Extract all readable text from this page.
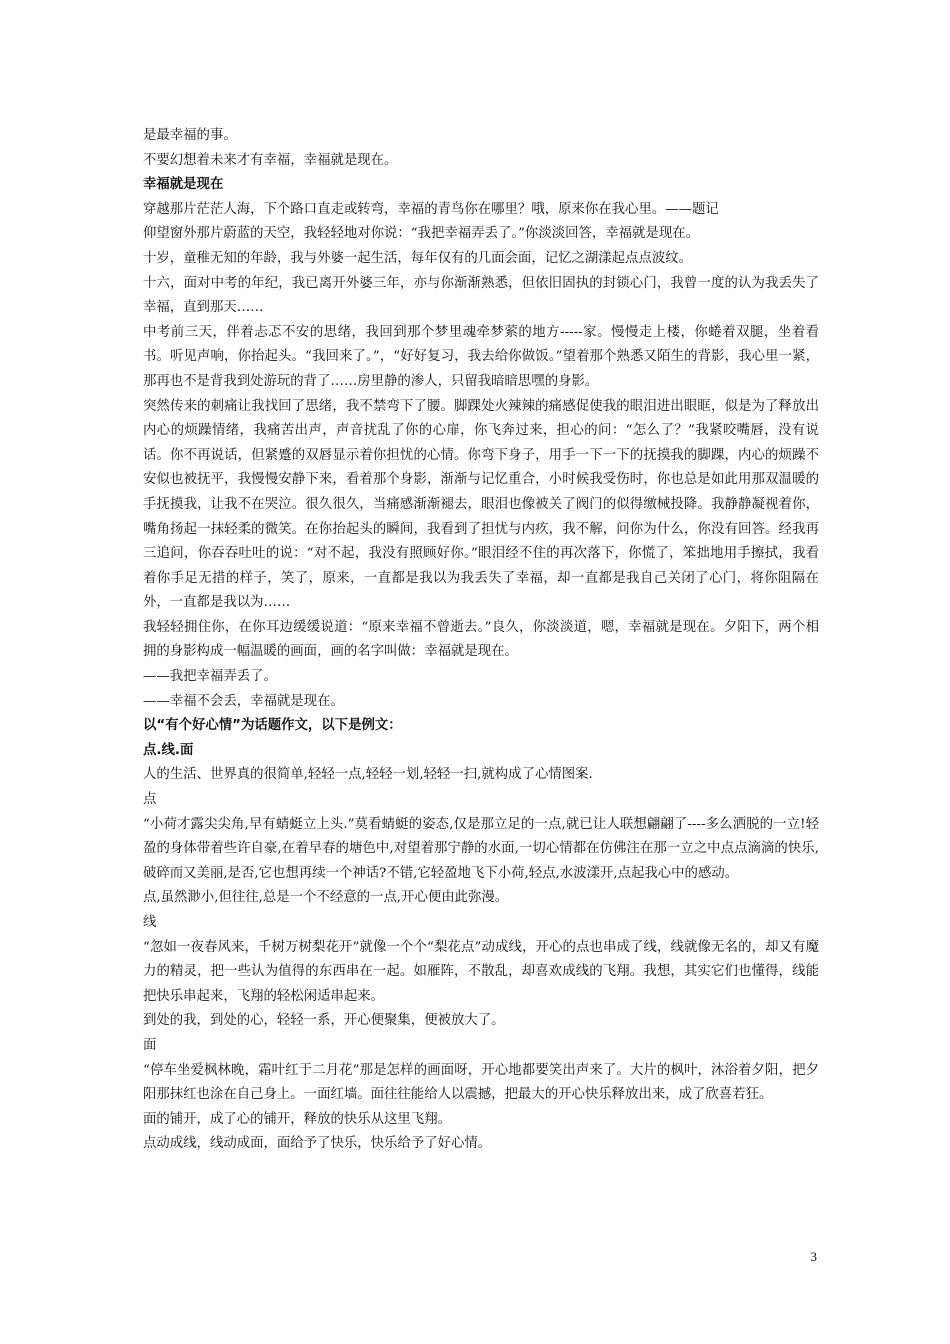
是最幸福的事。

不要幻想着未来才有幸福，幸福就是现在。

幸福就是现在

穿越那片茫茫人海，下个路口直走或转弯，幸福的青鸟你在哪里？哦，原来你在我心里。——题记

仰望窗外那片蔚蓝的天空，我轻轻地对你说：“我把幸福弄丢了。”你淡淡回答，幸福就是现在。

十岁，童稚无知的年龄，我与外婆一起生活，每年仅有的几面会面，记忆之湖漾起点点波纹。

十六，面对中考的年纪，我已离开外婆三年，亦与你渐渐熟悉，但依旧固执的封锁心门，我曾一度的认为我丢失了幸福，直到那天……

中考前三天，伴着忐忑不安的思绪，我回到那个梦里魂牵梦萦的地方-----家。慢慢走上楼，你蜷着双腿，坐着看书。听见声响，你抬起头。“我回来了。”，“好好复习，我去给你做饭。”望着那个熟悉又陌生的背影，我心里一紧，那再也不是背我到处游玩的背了……房里静的渗人，只留我暗暗思嘿的身影。

突然传来的刺痛让我找回了思绪，我不禁弯下了腰。脚踝处火辣辣的痛感促使我的眼泪进出眼眶，似是为了释放出内心的烦躁情绪，我痛苦出声，声音扰乱了你的心扉，你飞奔过来，担心的问：“怎么了？”我紧咬嘴唇，没有说话。你不再说话，但紧蹙的双唇显示着你担忧的心情。你弯下身子，用手一下一下的抚摸我的脚踝，内心的烦躁不安似也被抚平，我慢慢安静下来，看着那个身影，渐渐与记忆重合，小时候我受伤时，你也总是如此用那双温暖的手抚摸我，让我不在哭泣。很久很久，当痛感渐渐褪去，眼泪也像被关了阀门的似得缴械投降。我静静凝视着你，嘴角扬起一抹轻柔的微笑。在你抬起头的瞬间，我看到了担忧与内疚，我不解，问你为什么，你没有回答。经我再三追问，你吞吞吐吐的说：“对不起，我没有照顾好你。”眼泪经不住的再次落下，你慌了，笨拙地用手擦拭，我看着你手足无措的样子，笑了，原来，一直都是我以为我丢失了幸福，却一直都是我自己关闭了心门，将你阻隔在外，一直都是我以为……

我轻轻拥住你，在你耳边缓缓说道：“原来幸福不曾逝去。”良久，你淡淡道，嗯，幸福就是现在。夕阳下，两个相拥的身影构成一幅温暖的画面，画的名字叫做：幸福就是现在。

——我把幸福弄丢了。

——幸福不会丢，幸福就是现在。

以“有个好心情”为话题作文，以下是例文：

点.线.面

人的生活、世界真的很简单,轻轻一点,轻轻一划,轻轻一扫,就构成了心情图案.

点

“小荷才露尖尖角,早有蜻蜓立上头.”莫看蜻蜓的姿态,仅是那立足的一点,就已让人联想翩翩了----多么洒脱的一立!轻盈的身体带着些许自豪,在着早春的塘色中,对望着那宁静的水面,一切心情都在仿佛注在那一立之中点点滴滴的快乐,破碎而又美丽,是否,它也想再续一个神话?不错,它轻盈地飞下小荷,轻点,水波漾开,点起我心中的感动。

点,虽然渺小,但往往,总是一个不经意的一点,开心便由此弥漫。

线

“忽如一夜春风来，千树万树梨花开”就像一个个“梨花点”动成线，开心的点也串成了线，线就像无名的，却又有魔力的精灵，把一些认为值得的东西串在一起。如雁阵，不散乱，却喜欢成线的飞翔。我想，其实它们也懂得，线能把快乐串起来，飞翔的轻松闲适串起来。

到处的我，到处的心，轻轻一系，开心便聚集，便被放大了。

面

“停车坐爱枫林晚，霜叶红于二月花”那是怎样的画面呀，开心地都要笑出声来了。大片的枫叶，沐浴着夕阳，把夕阳那抹红也涂在自己身上。一面红墙。面往往能给人以震撼，把最大的开心快乐释放出来，成了欣喜若狂。

面的铺开，成了心的铺开，释放的快乐从这里飞翔。

点动成线，线动成面，面给予了快乐，快乐给予了好心情。

3
